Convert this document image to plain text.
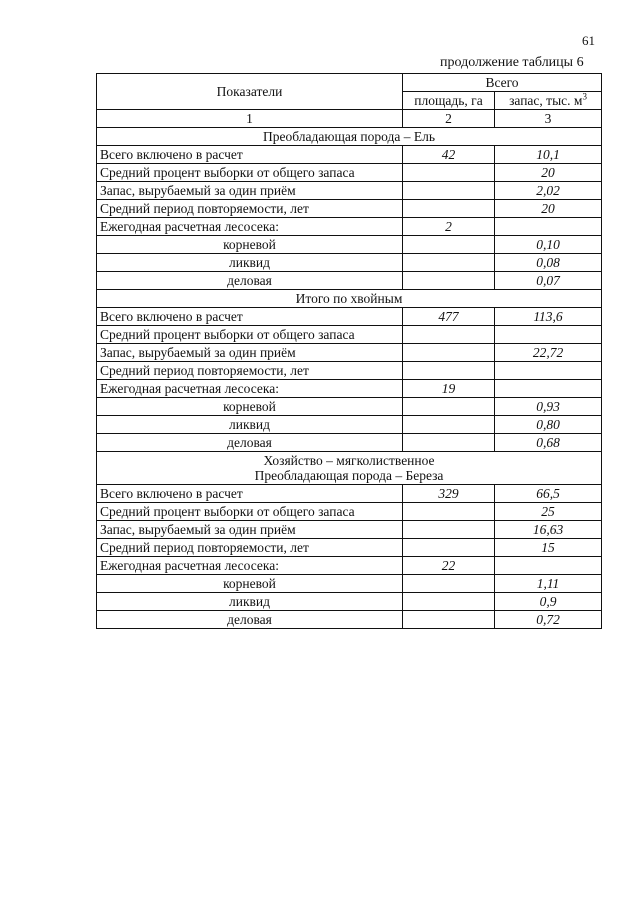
61
продолжение таблицы 6
Показатели	Всего	
	площадь, га	запас, тыс. $м^3$
1	2	3

Преобладающая порода – Ель		

Всего включено в расчет	42	10,1
Средний процент выборки от общего запаса		20
Запас, вырубаемый за один приём		2,02
Средний период повторяемости, лет		20
Ежегодная расчетная лесосека:	2	
корневой		0,10
ликвид		0,08
деловая		0,07

Итого по хвойным		

Всего включено в расчет	477	113,6
Средний процент выборки от общего запаса		
Запас, вырубаемый за один приём		22,72
Средний период повторяемости, лет		
Ежегодная расчетная лесосека:	19	
корневой		0,93
ликвид		0,80
деловая		0,68

Хозяйство – мягколиственное
Преобладающая порода – Береза		

Всего включено в расчет	329	66,5
Средний процент выборки от общего запаса		25
Запас, вырубаемый за один приём		16,63
Средний период повторяемости, лет		15
Ежегодная расчетная лесосека:	22	
корневой		1,11
ликвид		0,9
деловая		0,72
